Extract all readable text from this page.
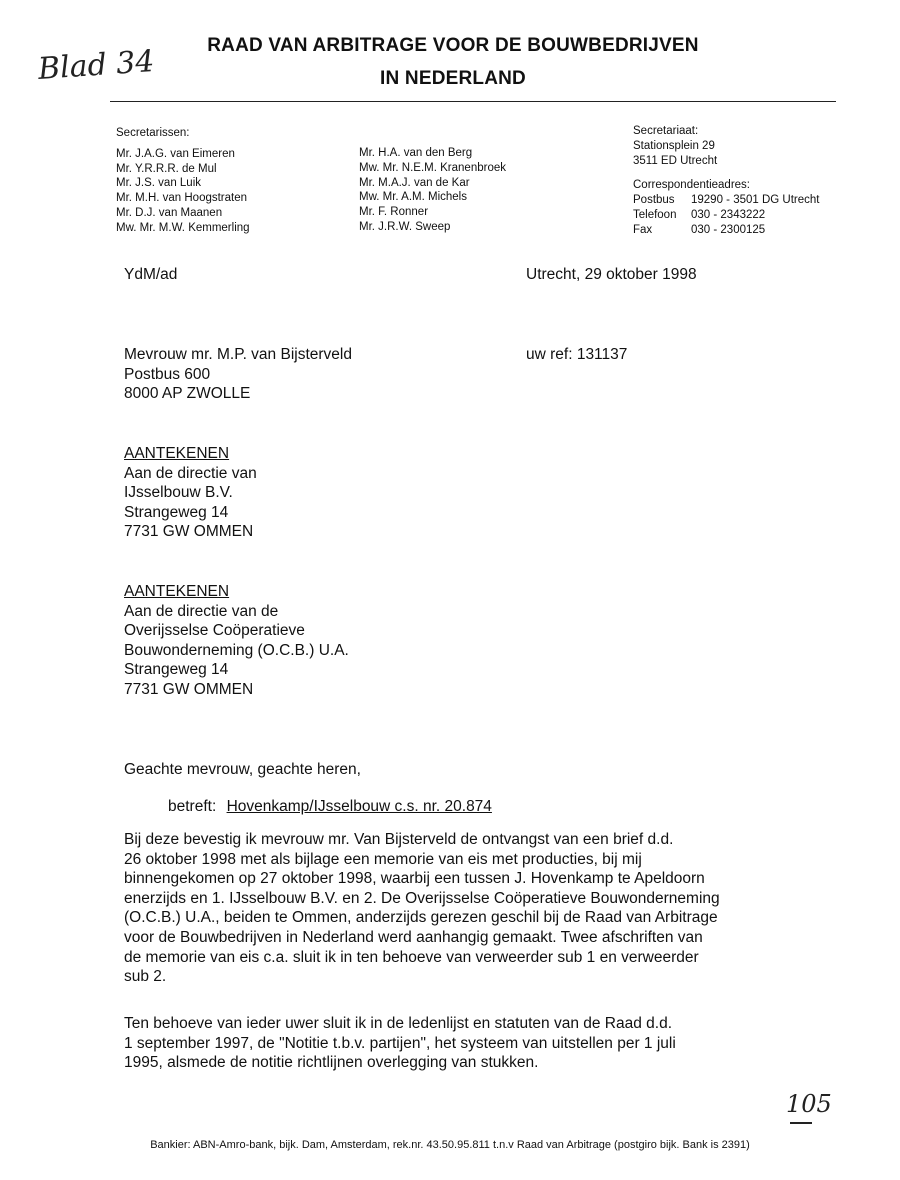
Blad 34	RAAD VAN ARBITRAGE VOOR DE BOUWBEDRIJVEN
IN NEDERLAND
Secretarissen:
Mr. J.A.G. van Eimeren
Mr. Y.R.R.R. de Mul
Mr. J.S. van Luik
Mr. M.H. van Hoogstraten
Mr. D.J. van Maanen
Mw. Mr. M.W. Kemmerling
Mr. H.A. van den Berg
Mw. Mr. N.E.M. Kranenbroek
Mr. M.A.J. van de Kar
Mw. Mr. A.M. Michels
Mr. F. Ronner
Mr. J.R.W. Sweep
Secretariaat:
Stationsplein 29
3511 ED Utrecht
Correspondentieadres:
Postbus 19290 - 3501 DG Utrecht
Telefoon 030 - 2343222
Fax	030 - 2300125
YdM/ad	Utrecht, 29 oktober 1998
Mevrouw mr. M.P. van Bijsterveld
Postbus 600
8000 AP ZWOLLE
uw ref: 131137
AANTEKENEN
Aan de directie van
IJsselbouw B.V.
Strangeweg 14
7731 GW OMMEN
AANTEKENEN
Aan de directie van de
Overijsselse Coöperatieve
Bouwonderneming (O.C.B.) U.A.
Strangeweg 14
7731 GW OMMEN
Geachte mevrouw, geachte heren,
betreft: Hovenkamp/IJsselbouw c.s. nr. 20.874
Bij deze bevestig ik mevrouw mr. Van Bijsterveld de ontvangst van een brief d.d.
26 oktober 1998 met als bijlage een memorie van eis met producties, bij mij
binnengekomen op 27 oktober 1998, waarbij een tussen J. Hovenkamp te Apeldoorn
enerzijds en 1. IJsselbouw B.V. en 2. De Overijsselse Coöperatieve Bouwonderneming
(O.C.B.) U.A., beiden te Ommen, anderzijds gerezen geschil bij de Raad van Arbitrage
voor de Bouwbedrijven in Nederland werd aanhangig gemaakt. Twee afschriften van
de memorie van eis c.a. sluit ik in ten behoeve van verweerder sub 1 en verweerder
sub 2.
Ten behoeve van ieder uwer sluit ik in de ledenlijst en statuten van de Raad d.d.
1 september 1997, de "Notitie t.b.v. partijen", het systeem van uitstellen per 1 juli
1995, alsmede de notitie richtlijnen overlegging van stukken.
105
Bankier: ABN-Amro-bank, bijk. Dam, Amsterdam, rek.nr. 43.50.95.811 t.n.v Raad van Arbitrage (postgiro bijk. Bank is 2391)
